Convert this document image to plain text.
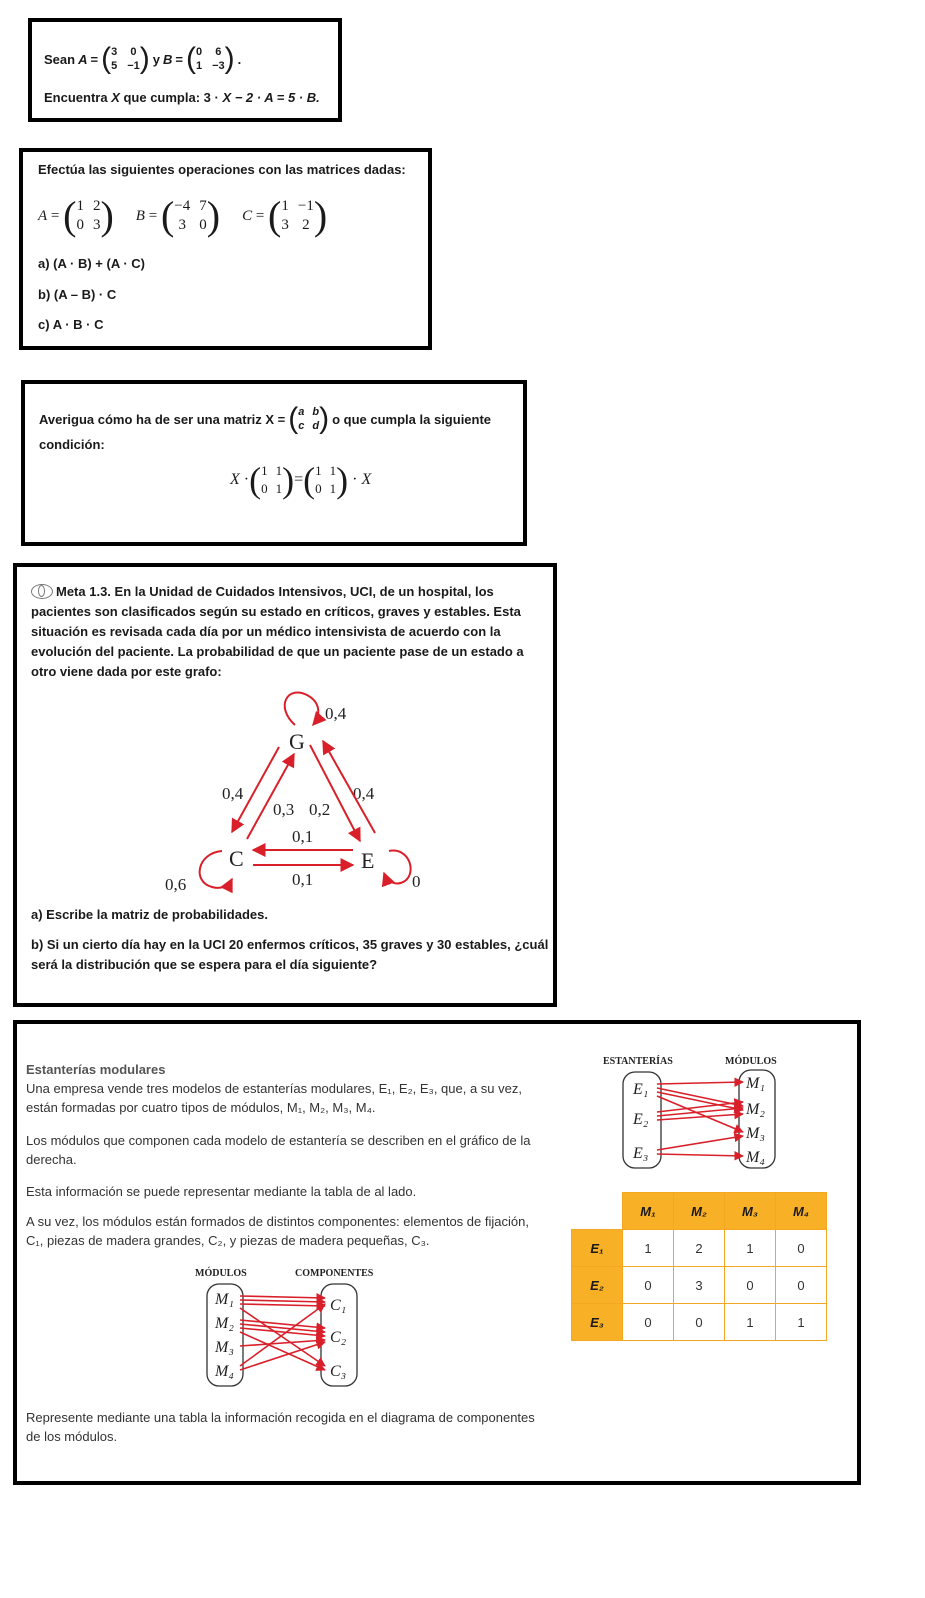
Sean A = ( 3 0
5 −1 ) y B = ( 0 6
1 −3 ) .
Encuentra X que cumpla: 3 · X − 2 · A = 5 · B.
Efectúa las siguientes operaciones con las matrices dadas:
A = ( 1 2
0 3 ) B = ( −4 7
3 0 ) C = ( 1 −1
3 2 )
a) (A · B) + (A · C)
b) (A – B) · C
c) A · B · C
Averigua cómo ha de ser una matriz X = ( a b
c d ) o que cumpla la siguiente
condición:
X
· ( 1 1
0 1 ) = ( 1 1
0 1 )
·
X
Meta 1.3. En la Unidad de Cuidados Intensivos, UCI, de un hospital, los pacientes son clasificados según su estado en críticos, graves y estables. Esta situación es revisada cada día por un médico intensivista de acuerdo con la evolución del paciente. La probabilidad de que un paciente pase de un estado a otro viene dada por este grafo:
G
C	E
0,4
0,4	0,4
0,3 0,2
0,1
0,1
0,6	0
a) Escribe la matriz de probabilidades.
b) Si un cierto día hay en la UCI 20 enfermos críticos, 35 graves y 30 estables, ¿cuál será la distribución que se espera para el día siguiente?
Estanterías modulares
Una empresa vende tres modelos de estanterías modulares, E₁, E₂, E₃, que, a su vez, están formadas por cuatro tipos de módulos, M₁, M₂, M₃, M₄.
Los módulos que componen cada modelo de estantería se describen en el gráfico de la derecha.
Esta información se puede representar mediante la tabla de al lado.
A su vez, los módulos están formados de distintos componentes: elementos de fijación, C₁, piezas de madera grandes, C₂, y piezas de madera pequeñas, C₃.
Represente mediante una tabla la información recogida en el diagrama de componentes de los módulos.
ESTANTERÍAS	MÓDULOS
E₁
E₂
E₃
M₁
M₂
M₃
M₄
MÓDULOS	COMPONENTES
M₁
M₂
M₃
M₄
C₁
C₂
C₃
	M₁	M₂	M₃	M₄
E₁	1	2	1	0
E₂	0	3	0	0
E₃	0	0	1	1
